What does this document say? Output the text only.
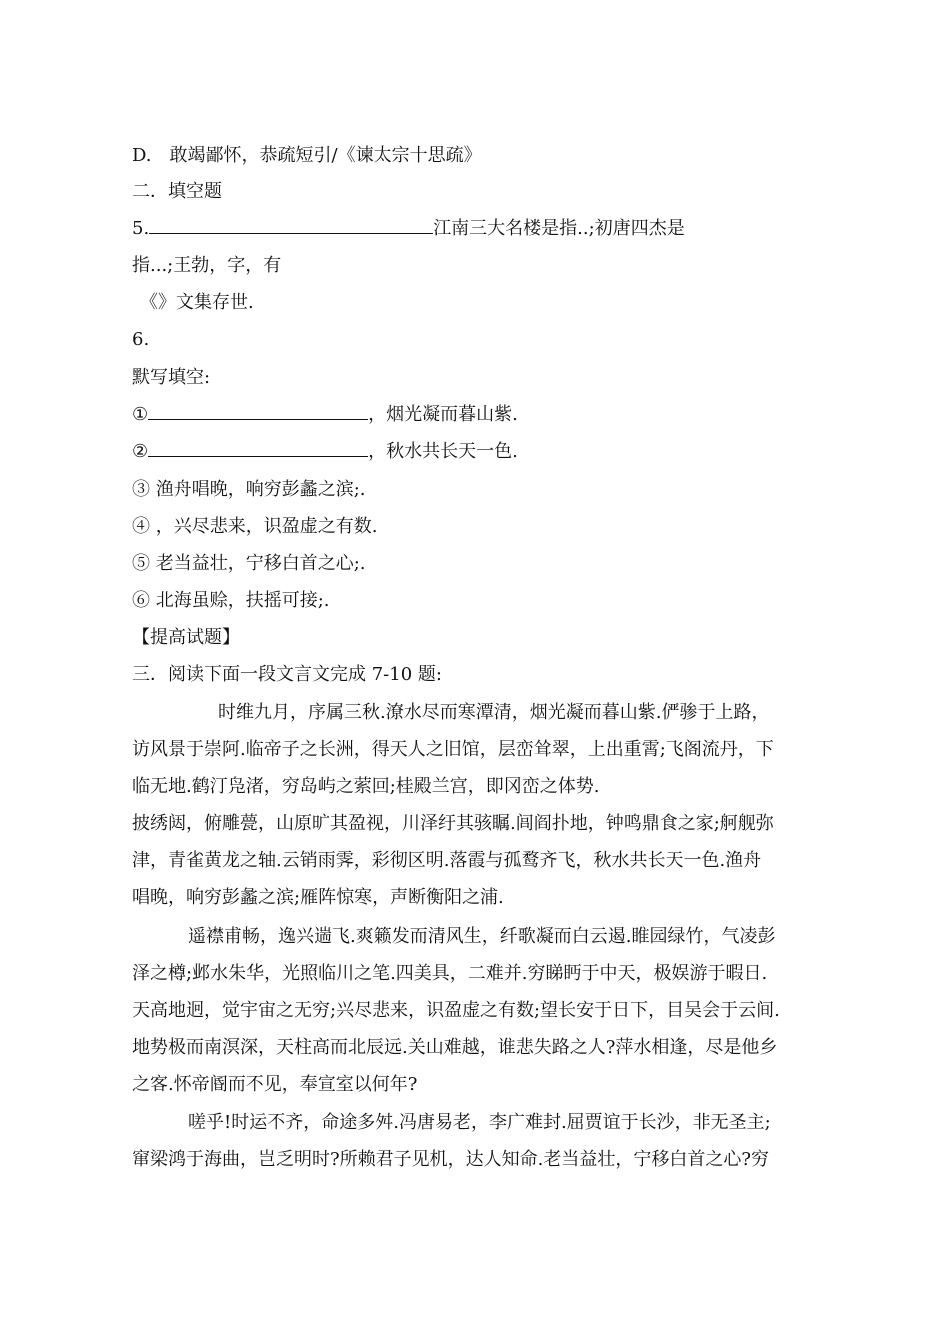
D.　敢竭鄙怀，恭疏短引/《谏太宗十思疏》
二．填空题
5.	江南三大名楼是指..;初唐四杰是
指...;王勃，字，有
《》文集存世.
6.
默写填空:
①	，烟光凝而暮山紫.
②	，秋水共长天一色.
③ 渔舟唱晚，响穷彭蠡之滨;.
④ ，兴尽悲来，识盈虚之有数.
⑤ 老当益壮，宁移白首之心;.
⑥ 北海虽赊，扶摇可接;.
【提高试题】
三．阅读下面一段文言文完成 7-10 题:
时维九月，序属三秋.潦水尽而寒潭清，烟光凝而暮山紫.俨骖于上路，
访风景于崇阿.临帝子之长洲，得天人之旧馆，层峦耸翠，上出重霄;飞阁流丹，下
临无地.鹤汀凫渚，穷岛屿之萦回;桂殿兰宫，即冈峦之体势.
披绣闼，俯雕甍，山原旷其盈视，川泽纡其骇瞩.闾阎扑地，钟鸣鼎食之家;舸舰弥
津，青雀黄龙之轴.云销雨霁，彩彻区明.落霞与孤鹜齐飞，秋水共长天一色.渔舟
唱晚，响穷彭蠡之滨;雁阵惊寒，声断衡阳之浦.
遥襟甫畅，逸兴遄飞.爽籁发而清风生，纤歌凝而白云遏.睢园绿竹，气凌彭
泽之樽;邺水朱华，光照临川之笔.四美具，二难并.穷睇眄于中天，极娱游于暇日.
天高地迥，觉宇宙之无穷;兴尽悲来，识盈虚之有数;望长安于日下，目吴会于云间.
地势极而南溟深，天柱高而北辰远.关山难越，谁悲失路之人?萍水相逢，尽是他乡
之客.怀帝阍而不见，奉宣室以何年?
嗟乎!时运不齐，命途多舛.冯唐易老，李广难封.屈贾谊于长沙，非无圣主;
窜梁鸿于海曲，岂乏明时?所赖君子见机，达人知命.老当益壮，宁移白首之心?穷
